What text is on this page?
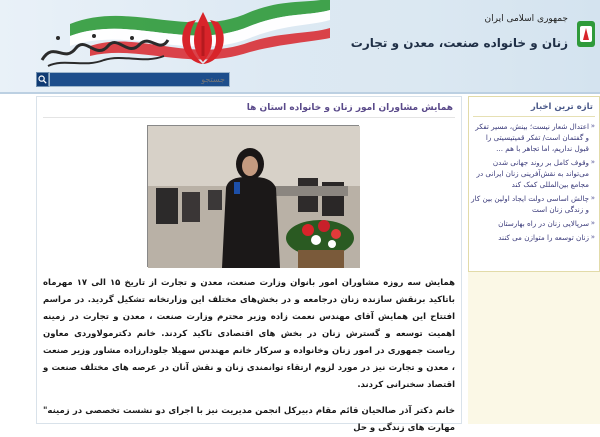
جمهوری اسلامی ایران
زنان و خانواده صنعت، معدن و تجارت
جستجو
همایش مشاوران امور زنان و خانواده استان ها
همایش سه روزه مشاوران امور بانوان وزارت صنعت، معدن و تجارت از تاریخ ۱۵ الی ۱۷ مهرماه باتاکید برنقش سازنده زنان درجامعه و در بخش‌های مختلف این وزارتخانه تشکیل گردید. در مراسم افتتاح این همایش آقای مهندس نعمت زاده وزیر محترم وزارت صنعت ، معدن و تجارت در زمینه اهمیت توسعه و گسترش زنان در بخش های اقتصادی تاکید کردند. خانم دکترمولاوردی معاون ریاست جمهوری در امور زنان وخانواده و سرکار خانم مهندس سهیلا جلودارزاده مشاور وزیر صنعت ، معدن و تجارت نیز در مورد لزوم ارتقاء توانمندی زنان و نقش آنان در عرصه های مختلف صنعت و اقتصاد سخنرانی کردند.
خانم دکتر آذر صالحیان قائم مقام دبیرکل انجمن مدیریت نیز با اجرای دو نشست تخصصی در زمینه" مهارت های زندگی و حل
تازه ترین اخبار
«
اعتدال شعار نیست؛ بینش، مسیر تفکر و گفتمان است/ تفکر قمیتیسیتی را قبول نداریم، اما تجاهر با هم ...
«
وقوف کامل بر روند جهانی شدن می‌تواند به نقش‌آفرینی زنان ایرانی در مجامع بین‌المللی کمک کند
«
چالش اساسی دولت ایجاد اولین بین کار و زندگی زنان است
«
سرپالایی زنان در راه بهارستان
«
زنان توسعه را متوازن می کنند
